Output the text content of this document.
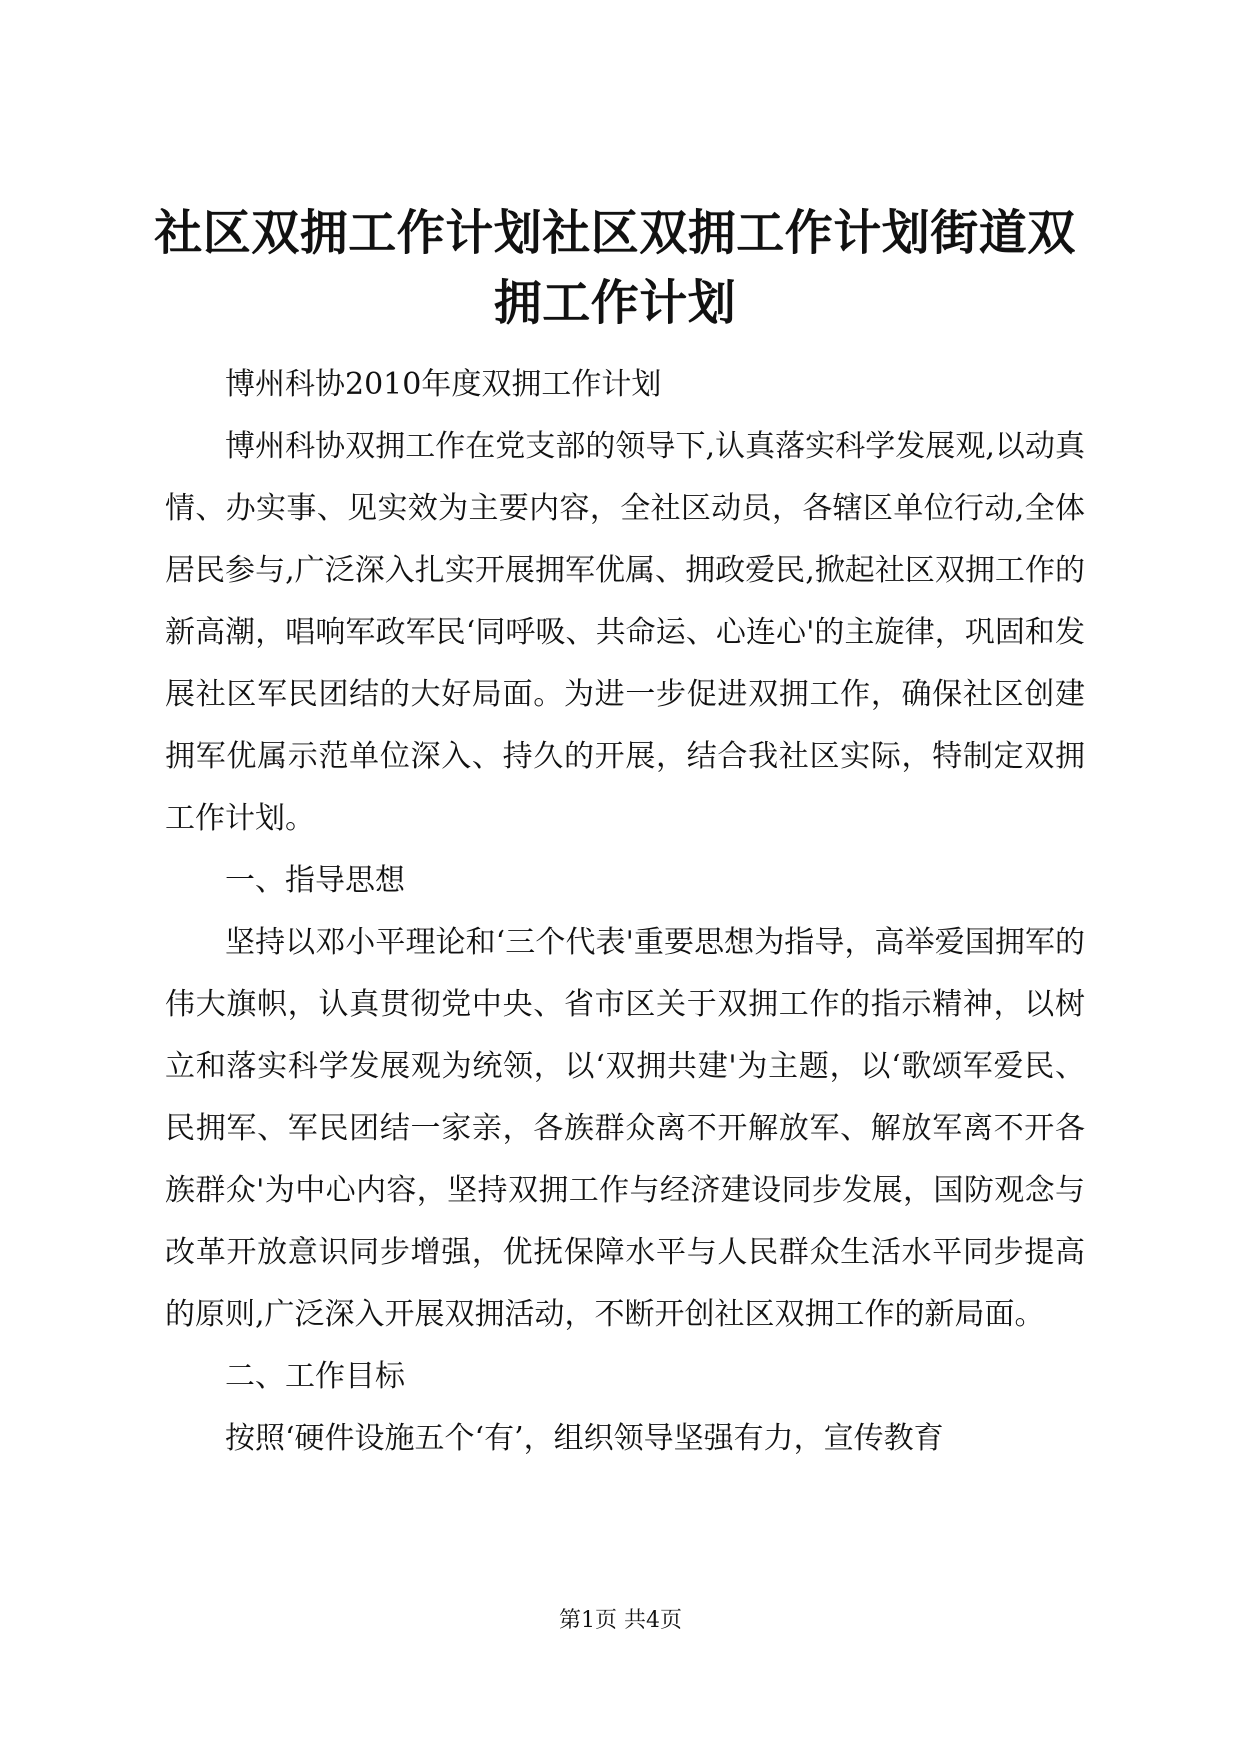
社区双拥工作计划社区双拥工作计划街道双拥工作计划

博州科协2010年度双拥工作计划

博州科协双拥工作在党支部的领导下,认真落实科学发展观,以动真情、办实事、见实效为主要内容，全社区动员，各辖区单位行动,全体居民参与,广泛深入扎实开展拥军优属、拥政爱民,掀起社区双拥工作的新高潮，唱响军政军民‘同呼吸、共命运、心连心'的主旋律，巩固和发展社区军民团结的大好局面。为进一步促进双拥工作，确保社区创建拥军优属示范单位深入、持久的开展，结合我社区实际，特制定双拥工作计划。

一、指导思想

坚持以邓小平理论和‘三个代表'重要思想为指导，高举爱国拥军的伟大旗帜，认真贯彻党中央、省市区关于双拥工作的指示精神，以树立和落实科学发展观为统领，以‘双拥共建'为主题，以‘歌颂军爱民、民拥军、军民团结一家亲，各族群众离不开解放军、解放军离不开各族群众'为中心内容，坚持双拥工作与经济建设同步发展，国防观念与改革开放意识同步增强，优抚保障水平与人民群众生活水平同步提高的原则,广泛深入开展双拥活动，不断开创社区双拥工作的新局面。

二、工作目标

按照‘硬件设施五个‘有’，组织领导坚强有力，宣传教育

第1页 共4页
